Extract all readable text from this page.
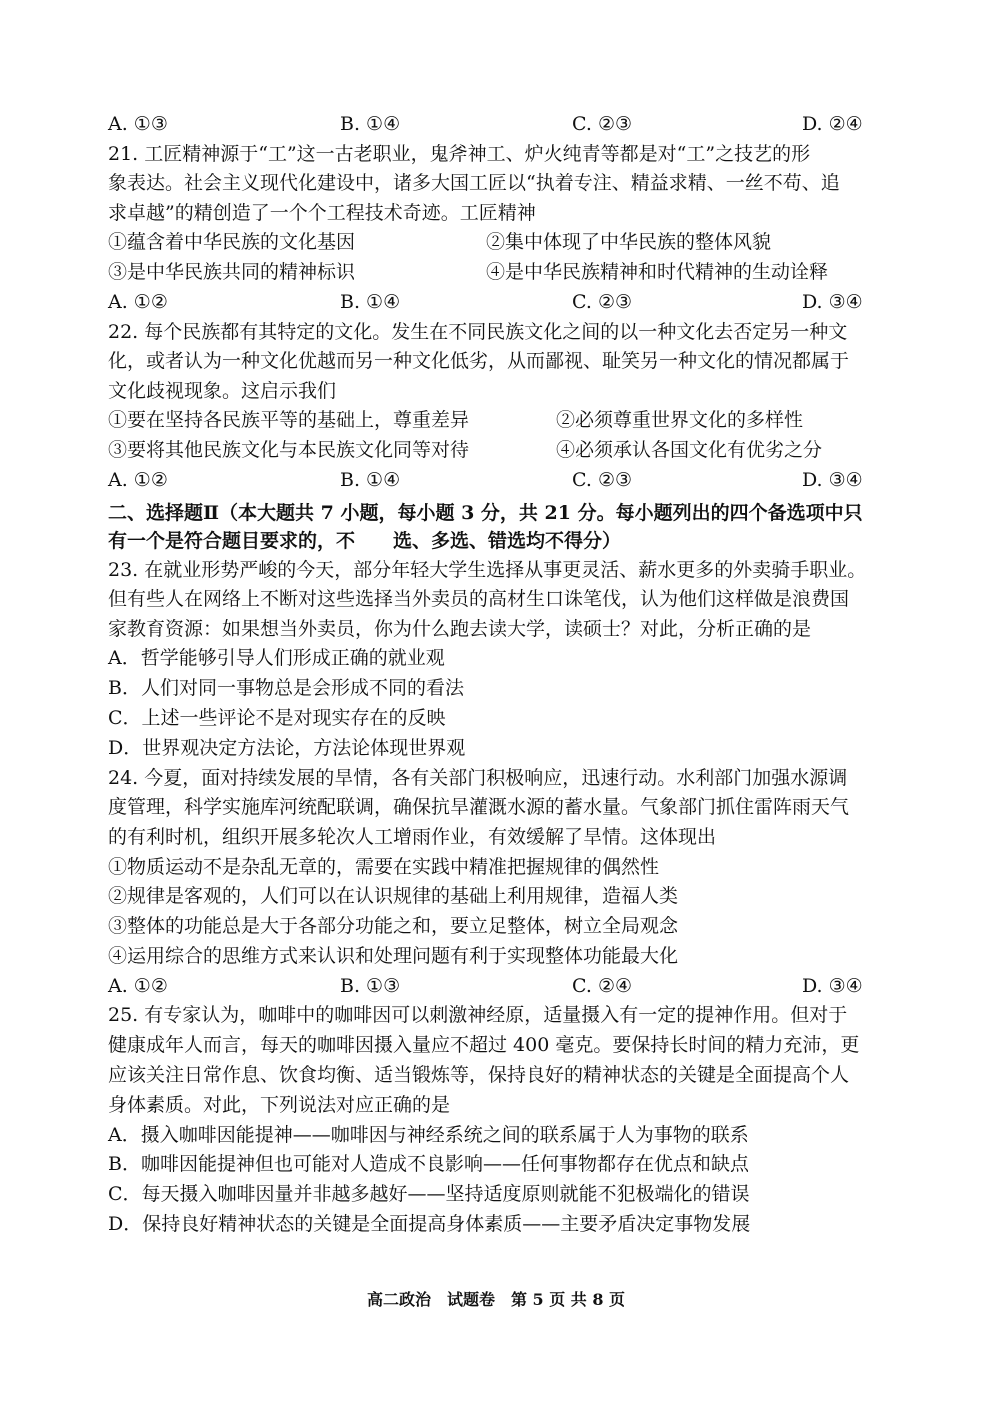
A. ①③	B. ①④	C. ②③	D. ②④
21. 工匠精神源于“工”这一古老职业，鬼斧神工、炉火纯青等都是对“工”之技艺的形
象表达。社会主义现代化建设中，诸多大国工匠以“执着专注、精益求精、一丝不苟、追
求卓越”的精创造了一个个工程技术奇迹。工匠精神
①蕴含着中华民族的文化基因	②集中体现了中华民族的整体风貌
③是中华民族共同的精神标识	④是中华民族精神和时代精神的生动诠释
A. ①②	B. ①④	C. ②③	D. ③④
22. 每个民族都有其特定的文化。发生在不同民族文化之间的以一种文化去否定另一种文
化，或者认为一种文化优越而另一种文化低劣，从而鄙视、耻笑另一种文化的情况都属于
文化歧视现象。这启示我们
①要在坚持各民族平等的基础上，尊重差异	②必须尊重世界文化的多样性
③要将其他民族文化与本民族文化同等对待	④必须承认各国文化有优劣之分
A. ①②	B. ①④	C. ②③	D. ③④
二、选择题Ⅱ（本大题共 7 小题，每小题 3 分，共 21 分。每小题列出的四个备选项中只
有一个是符合题目要求的，不　　选、多选、错选均不得分）
23. 在就业形势严峻的今天，部分年轻大学生选择从事更灵活、薪水更多的外卖骑手职业。
但有些人在网络上不断对这些选择当外卖员的高材生口诛笔伐，认为他们这样做是浪费国
家教育资源：如果想当外卖员，你为什么跑去读大学，读硕士？对此，分析正确的是
A．哲学能够引导人们形成正确的就业观
B．人们对同一事物总是会形成不同的看法
C．上述一些评论不是对现实存在的反映
D．世界观决定方法论，方法论体现世界观
24. 今夏，面对持续发展的旱情，各有关部门积极响应，迅速行动。水利部门加强水源调
度管理，科学实施库河统配联调，确保抗旱灌溉水源的蓄水量。气象部门抓住雷阵雨天气
的有利时机，组织开展多轮次人工增雨作业，有效缓解了旱情。这体现出
①物质运动不是杂乱无章的，需要在实践中精准把握规律的偶然性
②规律是客观的，人们可以在认识规律的基础上利用规律，造福人类
③整体的功能总是大于各部分功能之和，要立足整体，树立全局观念
④运用综合的思维方式来认识和处理问题有利于实现整体功能最大化
A. ①②	B. ①③	C. ②④	D. ③④
25. 有专家认为，咖啡中的咖啡因可以刺激神经原，适量摄入有一定的提神作用。但对于
健康成年人而言，每天的咖啡因摄入量应不超过 400 毫克。要保持长时间的精力充沛，更
应该关注日常作息、饮食均衡、适当锻炼等，保持良好的精神状态的关键是全面提高个人
身体素质。对此，下列说法对应正确的是
A．摄入咖啡因能提神——咖啡因与神经系统之间的联系属于人为事物的联系
B．咖啡因能提神但也可能对人造成不良影响——任何事物都存在优点和缺点
C．每天摄入咖啡因量并非越多越好——坚持适度原则就能不犯极端化的错误
D．保持良好精神状态的关键是全面提高身体素质——主要矛盾决定事物发展
高二政治　试题卷　第 5 页 共 8 页
